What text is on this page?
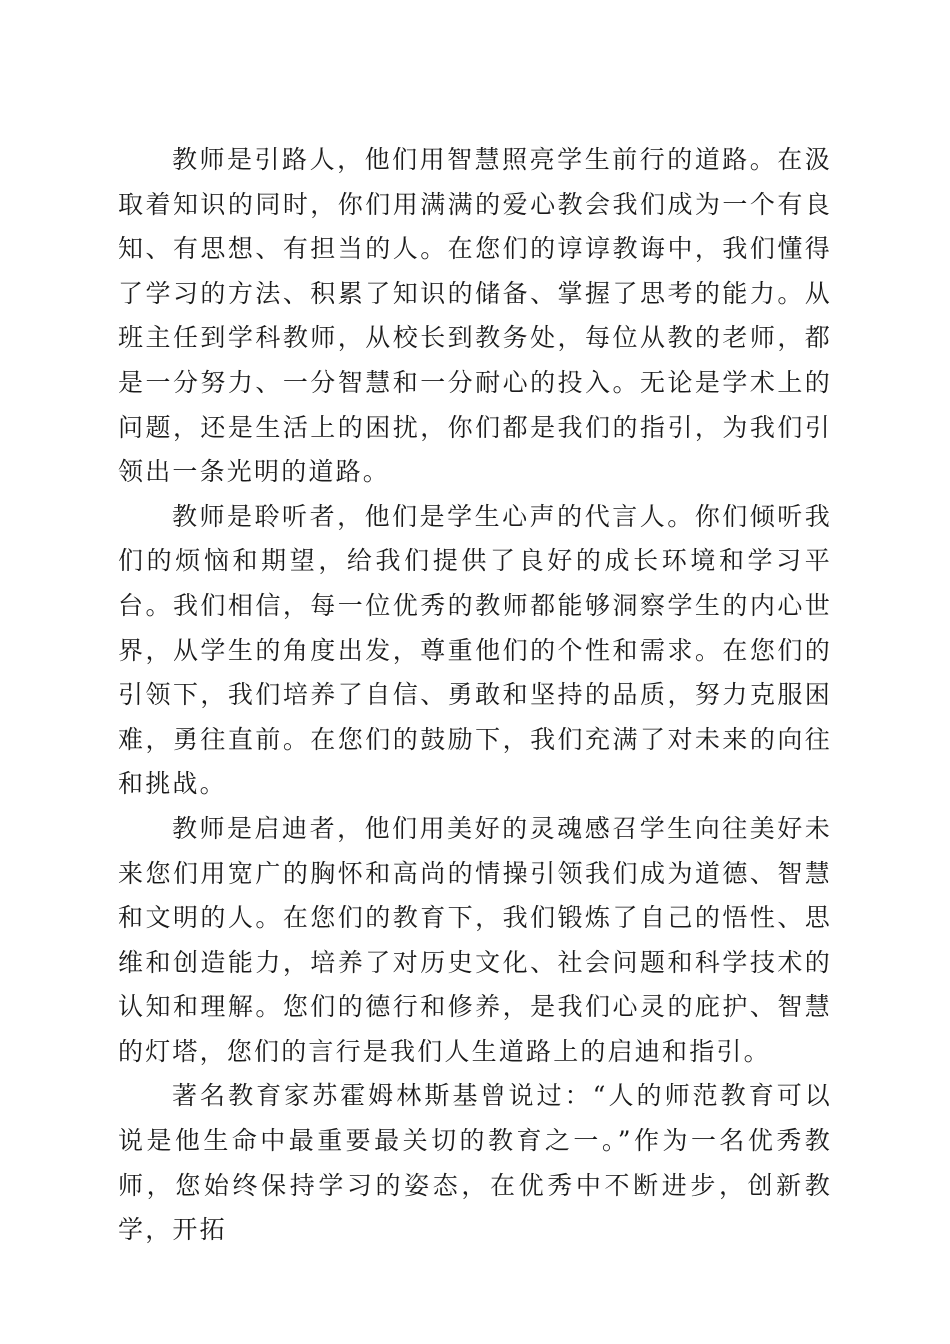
教师是引路人，他们用智慧照亮学生前行的道路。在汲取着知识的同时，你们用满满的爱心教会我们成为一个有良知、有思想、有担当的人。在您们的谆谆教诲中，我们懂得了学习的方法、积累了知识的储备、掌握了思考的能力。从班主任到学科教师，从校长到教务处，每位从教的老师，都是一分努力、一分智慧和一分耐心的投入。无论是学术上的问题，还是生活上的困扰，你们都是我们的指引，为我们引领出一条光明的道路。

教师是聆听者，他们是学生心声的代言人。你们倾听我们的烦恼和期望，给我们提供了良好的成长环境和学习平台。我们相信，每一位优秀的教师都能够洞察学生的内心世界，从学生的角度出发，尊重他们的个性和需求。在您们的引领下，我们培养了自信、勇敢和坚持的品质，努力克服困难，勇往直前。在您们的鼓励下，我们充满了对未来的向往和挑战。

教师是启迪者，他们用美好的灵魂感召学生向往美好未来您们用宽广的胸怀和高尚的情操引领我们成为道德、智慧和文明的人。在您们的教育下，我们锻炼了自己的悟性、思维和创造能力，培养了对历史文化、社会问题和科学技术的认知和理解。您们的德行和修养，是我们心灵的庇护、智慧的灯塔，您们的言行是我们人生道路上的启迪和指引。

著名教育家苏霍姆林斯基曾说过：“人的师范教育可以说是他生命中最重要最关切的教育之一。”作为一名优秀教师，您始终保持学习的姿态，在优秀中不断进步，创新教学，开拓
